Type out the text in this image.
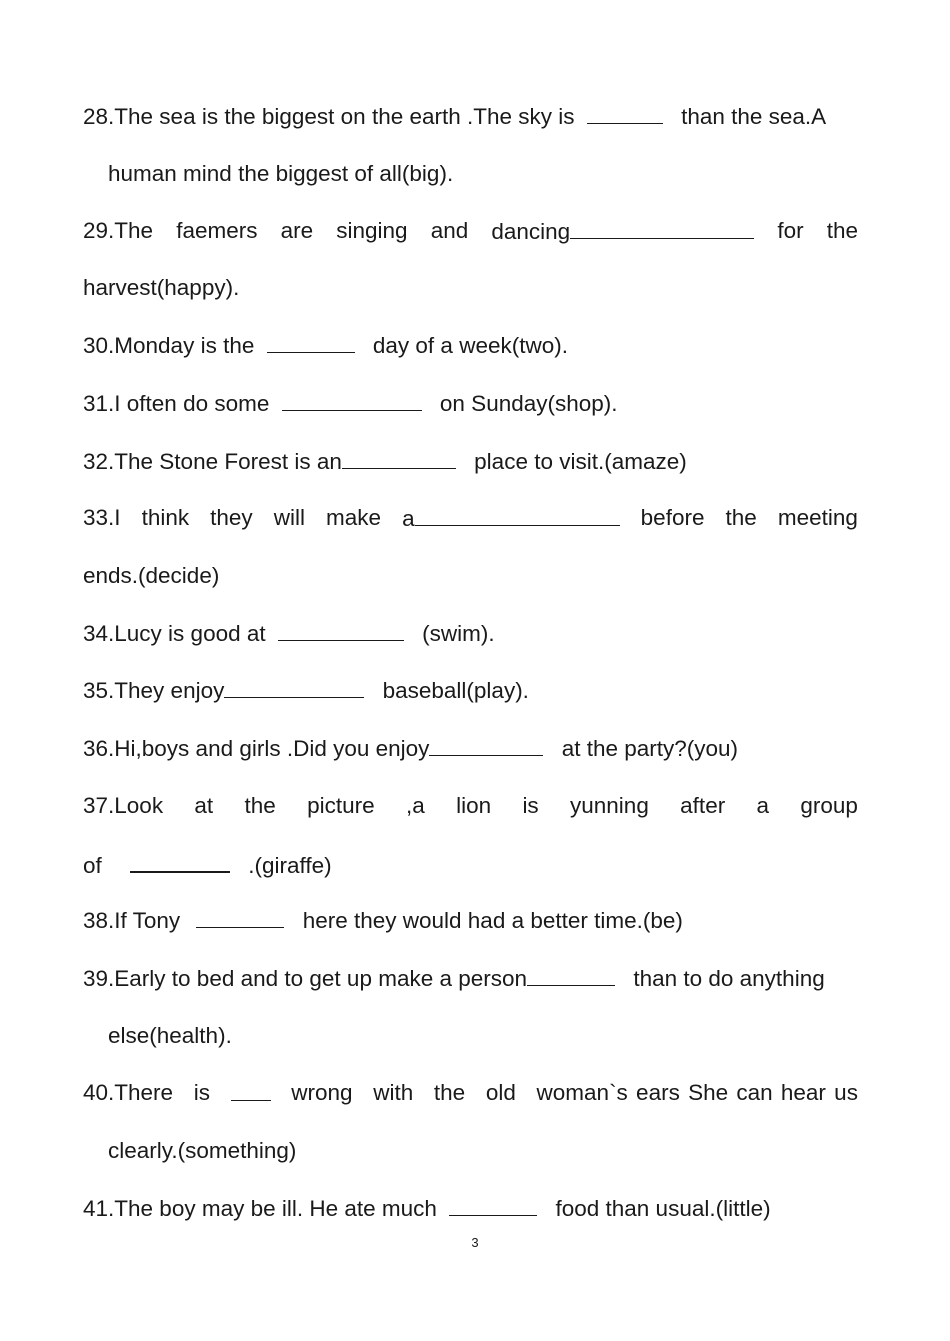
28.The sea is the biggest on the earth .The sky is	than the sea.A
human mind the biggest of all(big).
29.The faemers are singing and dancing	for the
harvest(happy).
30.Monday is the	day of a week(two).
31.I often do some	on Sunday(shop).
32.The Stone Forest is an	place to visit.(amaze)
33.I think they will make a	before the meeting
ends.(decide)
34.Lucy is good at	(swim).
35.They enjoy	baseball(play).
36.Hi,boys and girls .Did you enjoy	at the party?(you)
37.Look at the picture ,a lion is yunning after a group
of	.(giraffe)
38.If Tony	here they would had a better time.(be)
39.Early to bed and to get up make a person	than to do anything
else(health).
40.There is	wrong with the old woman`s ears She can hear us
clearly.(something)
41.The boy may be ill. He ate much	food than usual.(little)
3
